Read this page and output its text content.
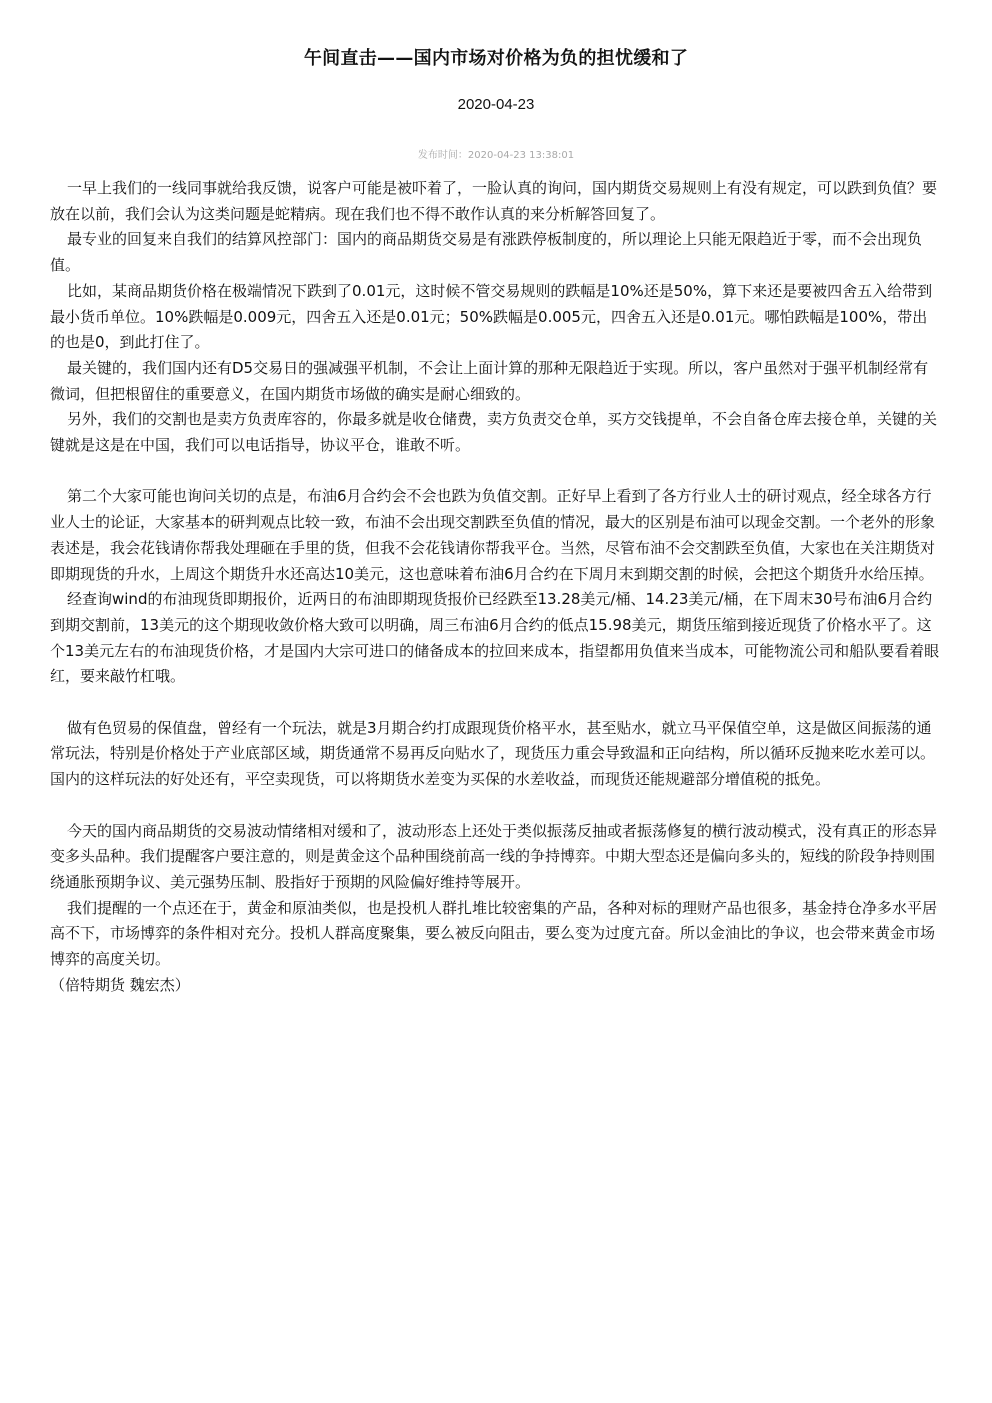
午间直击——国内市场对价格为负的担忧缓和了
2020-04-23
发布时间：2020-04-23 13:38:01

一早上我们的一线同事就给我反馈，说客户可能是被吓着了，一脸认真的询问，国内期货交易规则上有没有规定，可以跌到负值？要放在以前，我们会认为这类问题是蛇精病。现在我们也不得不敢作认真的来分析解答回复了。

最专业的回复来自我们的结算风控部门：国内的商品期货交易是有涨跌停板制度的，所以理论上只能无限趋近于零，而不会出现负值。

比如，某商品期货价格在极端情况下跌到了0.01元，这时候不管交易规则的跌幅是10%还是50%，算下来还是要被四舍五入给带到最小货币单位。10%跌幅是0.009元，四舍五入还是0.01元；50%跌幅是0.005元，四舍五入还是0.01元。哪怕跌幅是100%，带出的也是0，到此打住了。

最关键的，我们国内还有D5交易日的强减强平机制，不会让上面计算的那种无限趋近于实现。所以，客户虽然对于强平机制经常有微词，但把根留住的重要意义，在国内期货市场做的确实是耐心细致的。

另外，我们的交割也是卖方负责库容的，你最多就是收仓储费，卖方负责交仓单，买方交钱提单，不会自备仓库去接仓单，关键的关键就是这是在中国，我们可以电话指导，协议平仓，谁敢不听。

第二个大家可能也询问关切的点是，布油6月合约会不会也跌为负值交割。正好早上看到了各方行业人士的研讨观点，经全球各方行业人士的论证，大家基本的研判观点比较一致，布油不会出现交割跌至负值的情况，最大的区别是布油可以现金交割。一个老外的形象表述是，我会花钱请你帮我处理砸在手里的货，但我不会花钱请你帮我平仓。当然，尽管布油不会交割跌至负值，大家也在关注期货对即期现货的升水，上周这个期货升水还高达10美元，这也意味着布油6月合约在下周月末到期交割的时候，会把这个期货升水给压掉。

经查询wind的布油现货即期报价，近两日的布油即期现货报价已经跌至13.28美元/桶、14.23美元/桶，在下周末30号布油6月合约到期交割前，13美元的这个期现收敛价格大致可以明确，周三布油6月合约的低点15.98美元，期货压缩到接近现货了价格水平了。这个13美元左右的布油现货价格，才是国内大宗可进口的储备成本的拉回来成本，指望都用负值来当成本，可能物流公司和船队要看着眼红，要来敲竹杠哦。

做有色贸易的保值盘，曾经有一个玩法，就是3月期合约打成跟现货价格平水，甚至贴水，就立马平保值空单，这是做区间振荡的通常玩法，特别是价格处于产业底部区域，期货通常不易再反向贴水了，现货压力重会导致温和正向结构，所以循环反抛来吃水差可以。国内的这样玩法的好处还有，平空卖现货，可以将期货水差变为买保的水差收益，而现货还能规避部分增值税的抵免。

今天的国内商品期货的交易波动情绪相对缓和了，波动形态上还处于类似振荡反抽或者振荡修复的横行波动模式，没有真正的形态异变多头品种。我们提醒客户要注意的，则是黄金这个品种围绕前高一线的争持博弈。中期大型态还是偏向多头的，短线的阶段争持则围绕通胀预期争议、美元强势压制、股指好于预期的风险偏好维持等展开。

我们提醒的一个点还在于，黄金和原油类似，也是投机人群扎堆比较密集的产品，各种对标的理财产品也很多，基金持仓净多水平居高不下，市场博弈的条件相对充分。投机人群高度聚集，要么被反向阻击，要么变为过度亢奋。所以金油比的争议，也会带来黄金市场博弈的高度关切。

（倍特期货 魏宏杰）
